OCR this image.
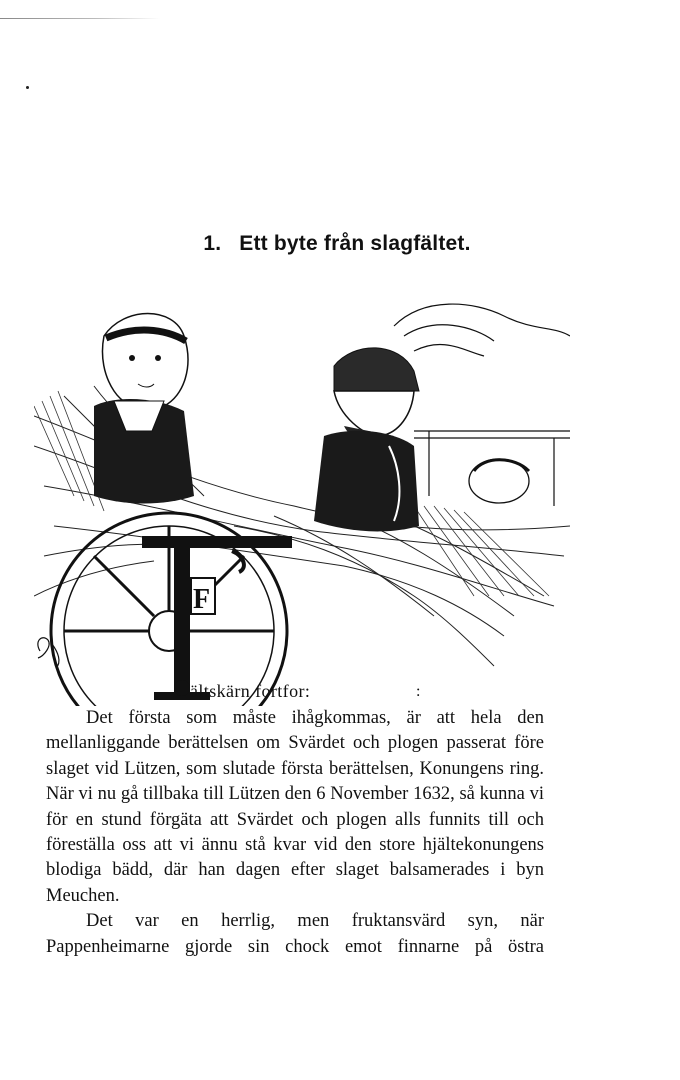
1. Ett byte från slagfältet.
F
ältskärn fortfor:	:

Det första som måste ihågkommas, är att hela den mellanliggande berättelsen om Svärdet och plogen passerat före slaget vid Lützen, som slutade första berättelsen, Konungens ring. När vi nu gå tillbaka till Lützen den 6 November 1632, så kunna vi för en stund förgäta att Svärdet och plogen alls funnits till och föreställa oss att vi ännu stå kvar vid den store hjältekonungens blodiga bädd, där han dagen efter slaget balsamerades i byn Meuchen.

Det var en herrlig, men fruktansvärd syn, när Pappenheimarne gjorde sin chock emot finnarne på östra
